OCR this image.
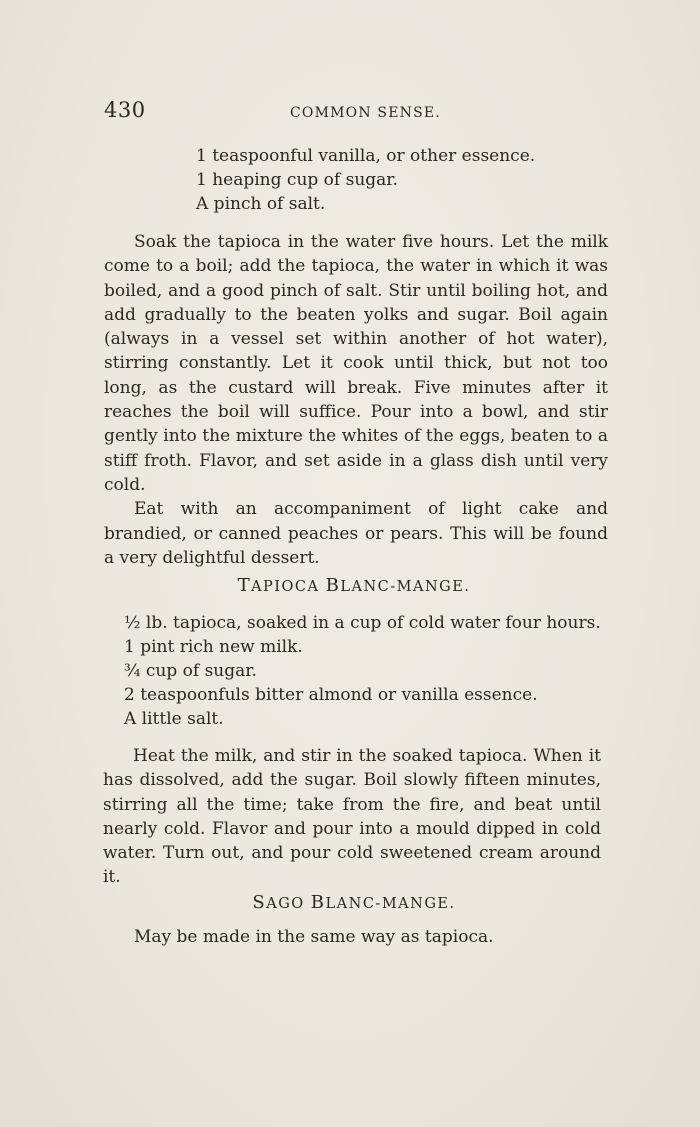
430	COMMON SENSE.
1 teaspoonful vanilla, or other essence.
1 heaping cup of sugar.
A pinch of salt.

Soak the tapioca in the water five hours. Let the milk come to a boil; add the tapioca, the water in which it was boiled, and a good pinch of salt. Stir until boiling hot, and add gradually to the beaten yolks and sugar. Boil again (always in a vessel set within another of hot water), stirring constantly. Let it cook until thick, but not too long, as the custard will break. Five minutes after it reaches the boil will suffice. Pour into a bowl, and stir gently into the mixture the whites of the eggs, beaten to a stiff froth. Flavor, and set aside in a glass dish until very cold.

Eat with an accompaniment of light cake and brandied, or canned peaches or pears. This will be found a very delightful dessert.

TAPIOCA BLANC-MANGE.
½ lb. tapioca, soaked in a cup of cold water four hours.
1 pint rich new milk.
¾ cup of sugar.
2 teaspoonfuls bitter almond or vanilla essence.
A little salt.

Heat the milk, and stir in the soaked tapioca. When it has dissolved, add the sugar. Boil slowly fifteen minutes, stirring all the time; take from the fire, and beat until nearly cold. Flavor and pour into a mould dipped in cold water. Turn out, and pour cold sweetened cream around it.

SAGO BLANC-MANGE.

May be made in the same way as tapioca.
